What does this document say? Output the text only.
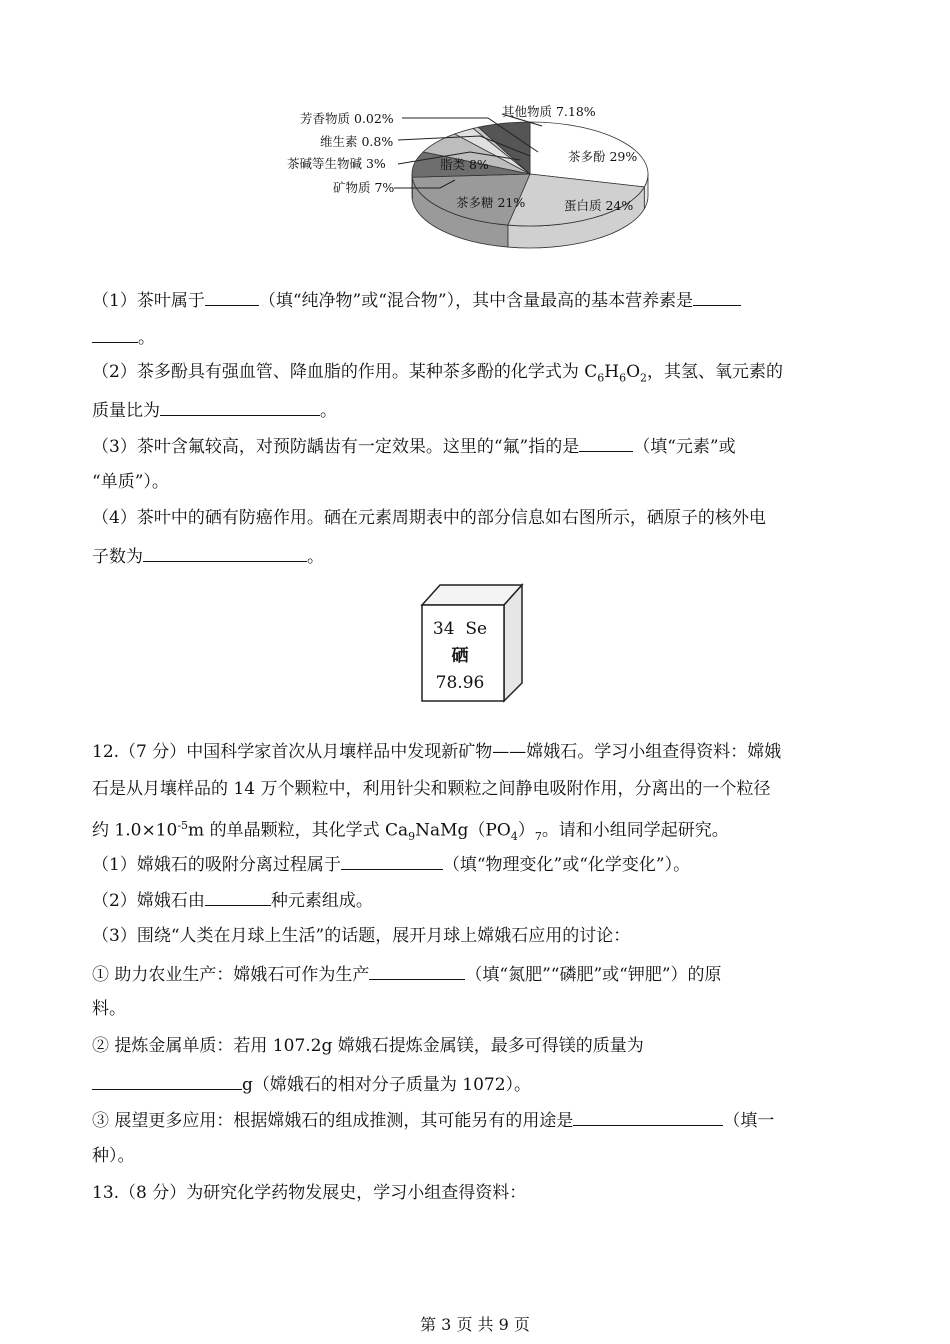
芳香物质 0.02%
维生素 0.8%
茶碱等生物碱 3%
矿物质 7%
其他物质 7.18%
茶多酚 29%
蛋白质 24%
茶多糖 21%
脂类 8%
（1）茶叶属于	（填“纯净物”或“混合物”），其中含量最高的基本营养素是
。
（2）茶多酚具有强血管、降血脂的作用。某种茶多酚的化学式为 $C_6H_6O_2$，其氢、氧元素的
质量比为	。
（3）茶叶含氟较高，对预防龋齿有一定效果。这里的“氟”指的是	（填“元素”或
“单质”）。
（4）茶叶中的硒有防癌作用。硒在元素周期表中的部分信息如右图所示，硒原子的核外电
子数为	。
34 Se
硒
78.96
12.（7 分）中国科学家首次从月壤样品中发现新矿物——嫦娥石。学习小组查得资料：嫦娥
石是从月壤样品的 14 万个颗粒中，利用针尖和颗粒之间静电吸附作用，分离出的一个粒径
约 $1.0\times 10^{-5}m$ 的单晶颗粒，其化学式 $Ca_9NaMg(PO_4)_7$。请和小组同学起研究。
（1）嫦娥石的吸附分离过程属于	（填“物理变化”或“化学变化”）。
（2）嫦娥石由	种元素组成。
（3）围绕“人类在月球上生活”的话题，展开月球上嫦娥石应用的讨论：
① 助力农业生产：嫦娥石可作为生产	（填“氮肥”“磷肥”或“钾肥”）的原
料。
② 提炼金属单质：若用 107.2g 嫦娥石提炼金属镁，最多可得镁的质量为
g（嫦娥石的相对分子质量为 1072）。
③ 展望更多应用：根据嫦娥石的组成推测，其可能另有的用途是	（填一
种）。
13.（8 分）为研究化学药物发展史，学习小组查得资料：
第 3 页 共 9 页
